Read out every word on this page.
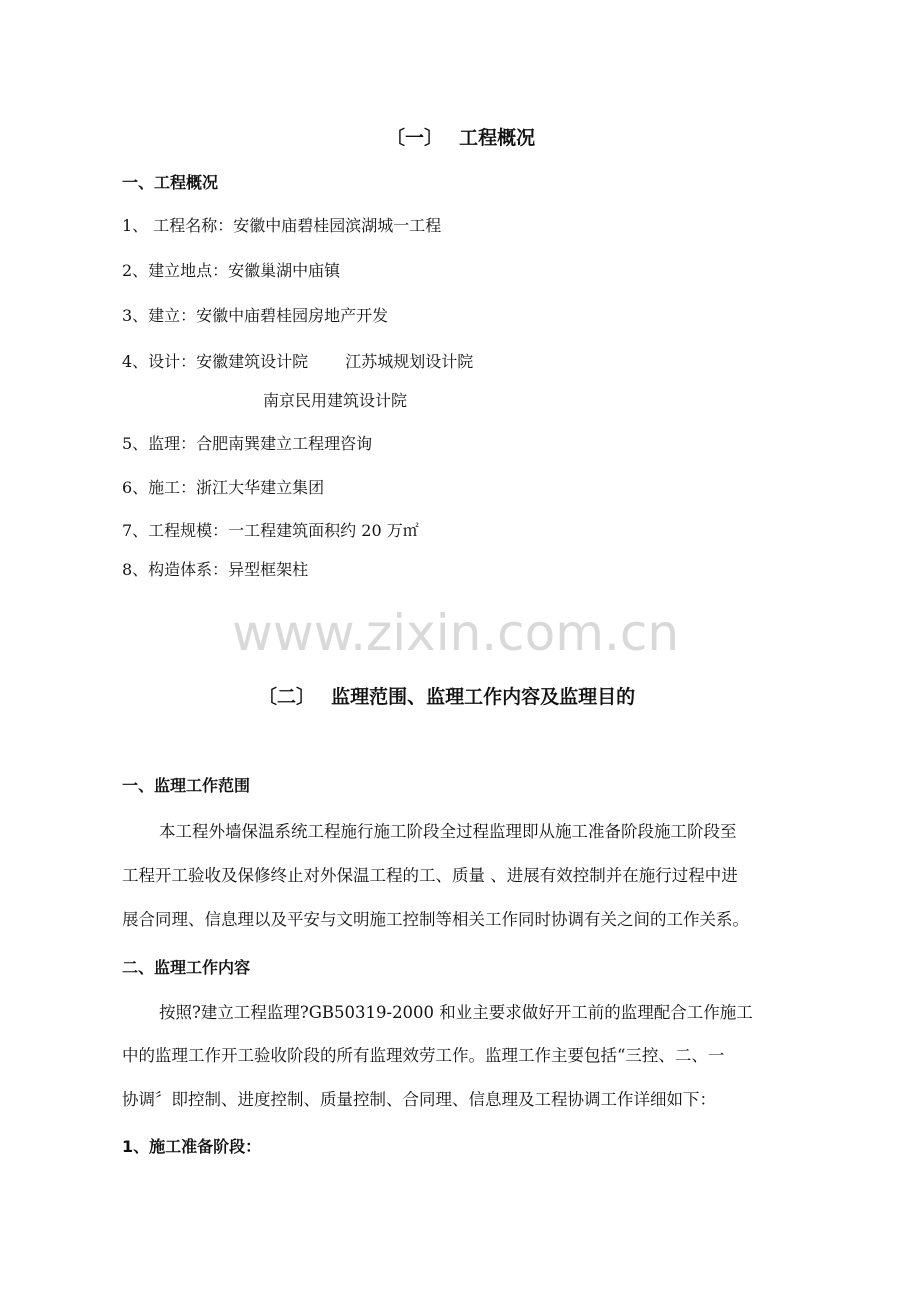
〔一〕　 工程概况
一、工程概况
1、 工程名称：安徽中庙碧桂园滨湖城一工程
2、建立地点：安徽巢湖中庙镇
3、建立：安徽中庙碧桂园房地产开发
4、设计：安徽建筑设计院 　　江苏城规划设计院
南京民用建筑设计院
5、监理：合肥南巽建立工程理咨询
6、施工：浙江大华建立集团
7、工程规模：一工程建筑面积约 20 万㎡
8、构造体系：异型框架柱
www.zixin.com.cn
〔二〕　 监理范围、监理工作内容及监理目的
一、监理工作范围
本工程外墙保温系统工程施行施工阶段全过程监理即从施工准备阶段施工阶段至
工程开工验收及保修终止对外保温工程的工、质量 、进展有效控制并在施行过程中进
展合同理、信息理以及平安与文明施工控制等相关工作同时协调有关之间的工作关系。
二、监理工作内容
按照?建立工程监理?GB50319-2000 和业主要求做好开工前的监理配合工作施工
中的监理工作开工验收阶段的所有监理效劳工作。监理工作主要包括“三控、二、一
协调〞即控制、进度控制、质量控制、合同理、信息理及工程协调工作详细如下：
1、施工准备阶段：
